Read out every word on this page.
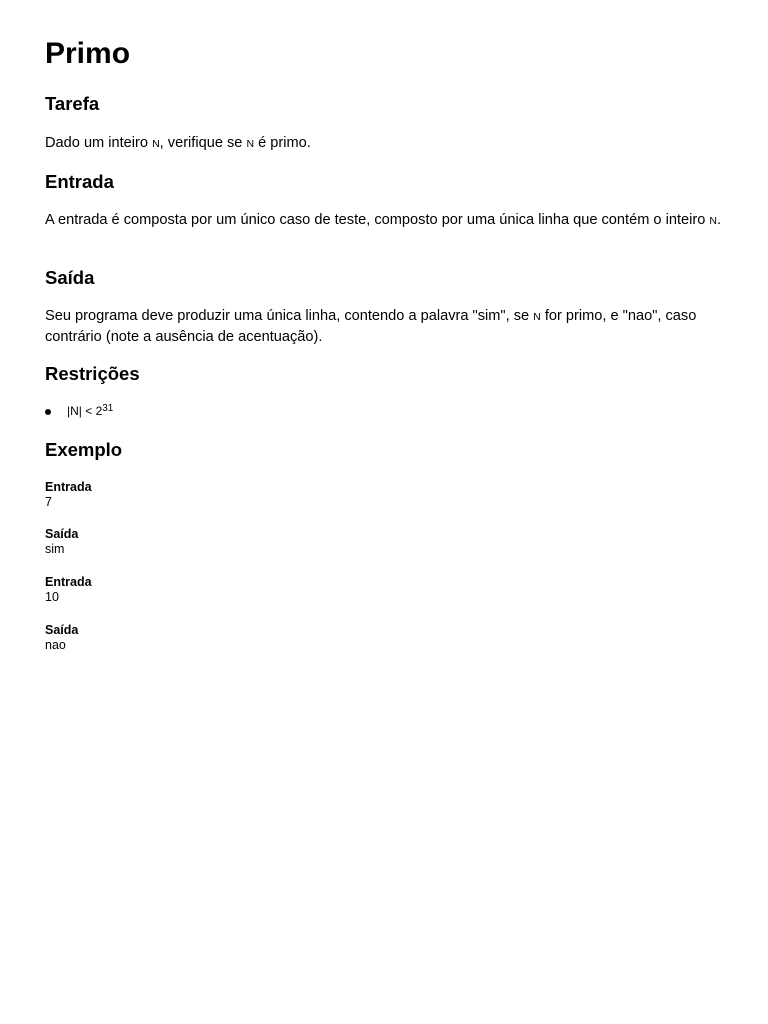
Primo
Tarefa

Dado um inteiro N, verifique se N é primo.

Entrada

A entrada é composta por um único caso de teste, composto por uma única linha que contém o inteiro N.

Saída

Seu programa deve produzir uma única linha, contendo a palavra "sim", se N for primo, e "nao", caso contrário (note a ausência de acentuação).

Restrições
$|N| < 2^{31}$
Exemplo
Entrada
7
Saída
sim
Entrada
10
Saída
nao
